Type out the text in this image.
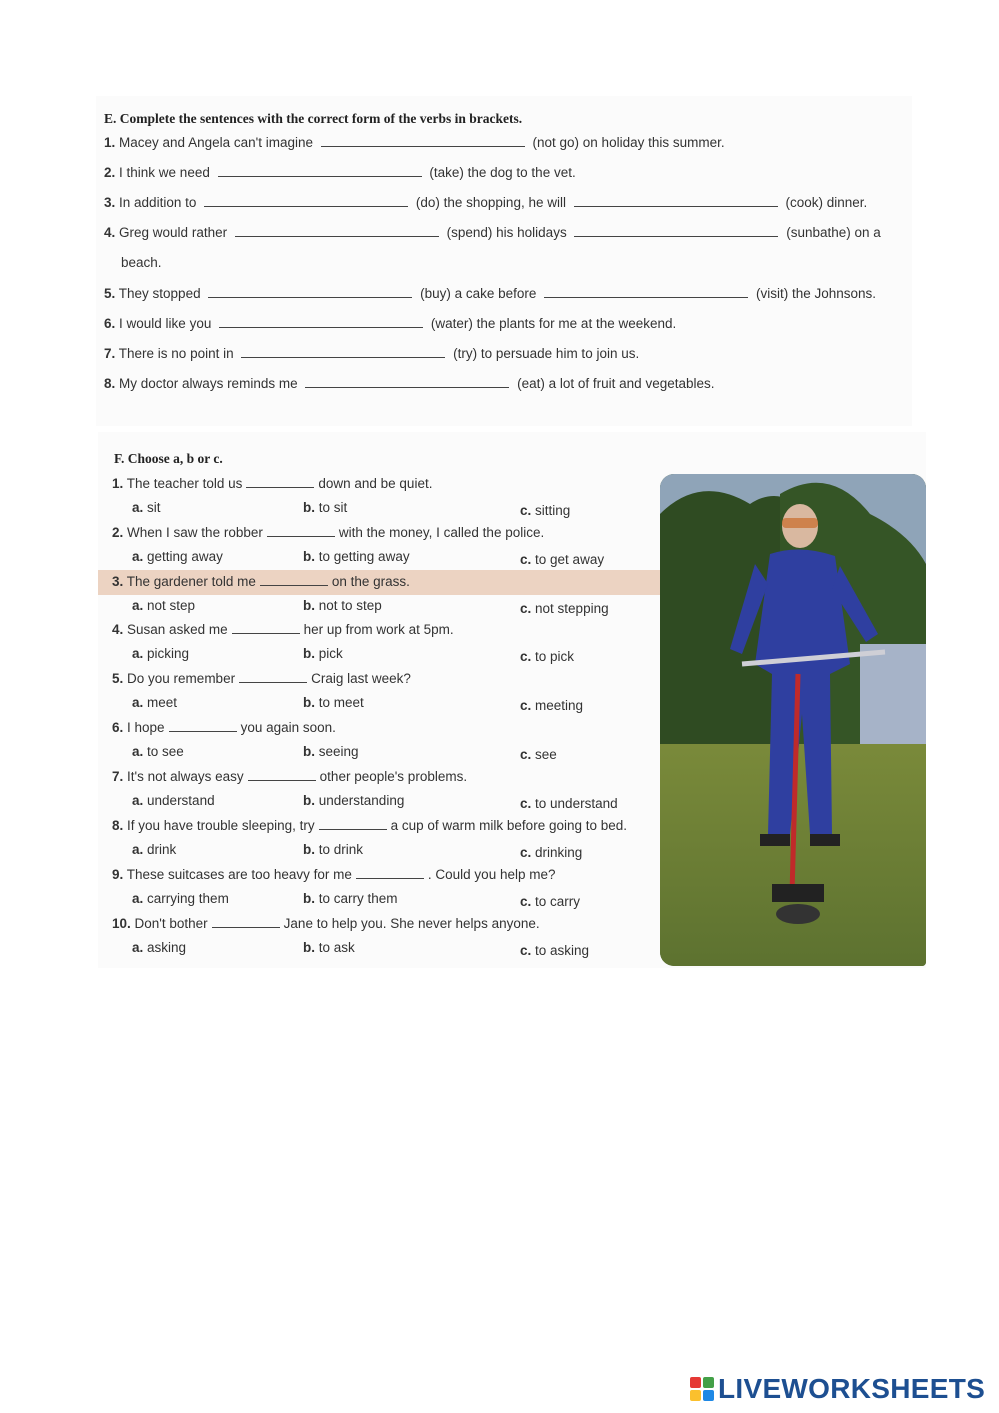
E. Complete the sentences with the correct form of the verbs in brackets.
1. Macey and Angela can't imagine	(not go) on holiday this summer.
2. I think we need	(take) the dog to the vet.
3. In addition to	(do) the shopping, he will	(cook) dinner.
4. Greg would rather	(spend) his holidays	(sunbathe) on a
beach.
5. They stopped	(buy) a cake before	(visit) the Johnsons.
6. I would like you	(water) the plants for me at the weekend.
7. There is no point in	(try) to persuade him to join us.
8. My doctor always reminds me	(eat) a lot of fruit and vegetables.
F. Choose a, b or c.
1. The teacher told us	down and be quiet.
a. sit	b. to sit	c. sitting
2. When I saw the robber	with the money, I called the police.
a. getting away	b. to getting away	c. to get away
3. The gardener told me	on the grass.
a. not step	b. not to step	c. not stepping
4. Susan asked me	her up from work at 5pm.
a. picking	b. pick	c. to pick
5. Do you remember	Craig last week?
a. meet	b. to meet	c. meeting
6. I hope	you again soon.
a. to see	b. seeing	c. see
7. It's not always easy	other people's problems.
a. understand	b. understanding	c. to understand
8. If you have trouble sleeping, try	a cup of warm milk before going to bed.
a. drink	b. to drink	c. drinking
9. These suitcases are too heavy for me	. Could you help me?
a. carrying them	b. to carry them	c. to carry
10. Don't bother	Jane to help you. She never helps anyone.
a. asking	b. to ask	c. to asking
LIVEWORKSHEETS
